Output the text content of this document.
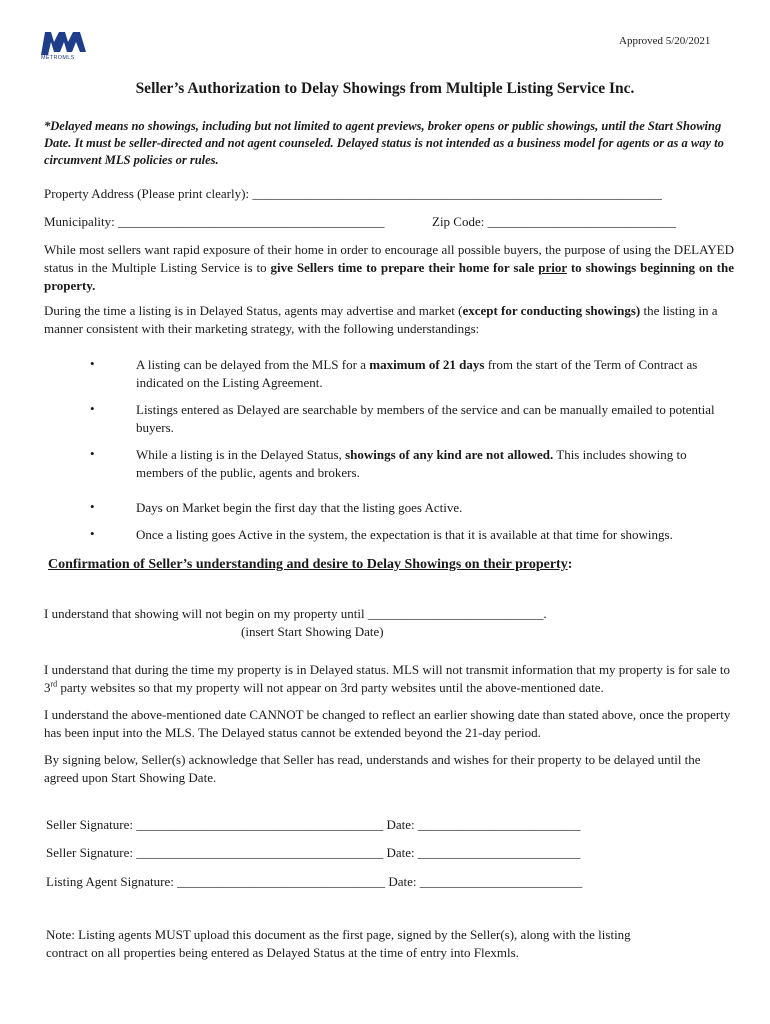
METROMLS
Approved 5/20/2021
Seller’s Authorization to Delay Showings from Multiple Listing Service Inc.
*Delayed means no showings, including but not limited to agent previews, broker opens or public showings, until the Start Showing Date. It must be seller-directed and not agent counseled. Delayed status is not intended as a business model for agents or as a way to circumvent MLS policies or rules.
Property Address (Please print clearly): _______________________________________________________________
Municipality: _________________________________________	Zip Code: _____________________________
While most sellers want rapid exposure of their home in order to encourage all possible buyers, the purpose of using the DELAYED status in the Multiple Listing Service is to give Sellers time to prepare their home for sale prior to showings beginning on the property.
During the time a listing is in Delayed Status, agents may advertise and market (except for conducting showings) the listing in a manner consistent with their marketing strategy, with the following understandings:
•	A listing can be delayed from the MLS for a maximum of 21 days from the start of the Term of Contract as indicated on the Listing Agreement.
•	Listings entered as Delayed are searchable by members of the service and can be manually emailed to potential buyers.
•	While a listing is in the Delayed Status, showings of any kind are not allowed. This includes showing to members of the public, agents and brokers.
•	Days on Market begin the first day that the listing goes Active.
•	Once a listing goes Active in the system, the expectation is that it is available at that time for showings.
Confirmation of Seller’s understanding and desire to Delay Showings on their property:
I understand that showing will not begin on my property until ___________________________.
(insert Start Showing Date)
I understand that during the time my property is in Delayed status. MLS will not transmit information that my property is for sale to 3rd party websites so that my property will not appear on 3rd party websites until the above-mentioned date.
I understand the above-mentioned date CANNOT be changed to reflect an earlier showing date than stated above, once the property has been input into the MLS. The Delayed status cannot be extended beyond the 21-day period.
By signing below, Seller(s) acknowledge that Seller has read, understands and wishes for their property to be delayed until the agreed upon Start Showing Date.
Seller Signature: ______________________________________ Date: _________________________
Seller Signature: ______________________________________ Date: _________________________
Listing Agent Signature: ________________________________ Date: _________________________
Note: Listing agents MUST upload this document as the first page, signed by the Seller(s), along with the listing contract on all properties being entered as Delayed Status at the time of entry into Flexmls.
